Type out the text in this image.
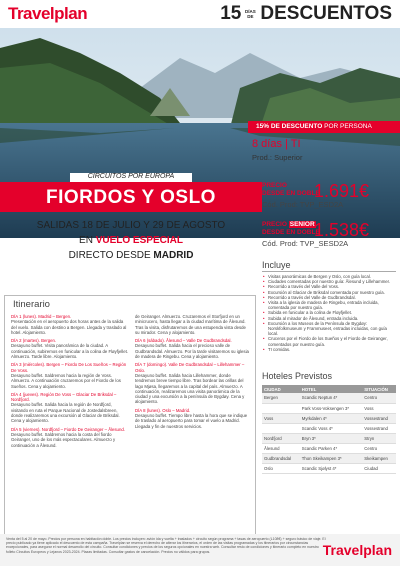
Travelplan	15 DÍAS
DE DESCUENTOS
15% DE DESCUENTO POR PERSONA
8 días | TI
Prod.: Superior
CIRCUITOS POR EUROPA
FIORDOS Y OSLO
SALIDAS 18 DE JULIO Y 29 DE AGOSTO
EN VUELO ESPECIAL
DIRECTO DESDE MADRID
PRECIO
DESDE EN DOBLE
1.691€
Cód. Prod: TVP_ESD2A
PRECIO SENIOR
DESDE EN DOBLE
1.538€
Cód. Prod: TVP_SESD2A
Itinerario

DÍA 1 (lunes). Madrid – Bergen.
Presentación en el aeropuerto dos horas antes de la salida del vuelo. Salida con destino a Bergen. Llegada y traslado al hotel. Alojamiento.

DÍA 2 (martes). Bergen.
Desayuno buffet. Visita panorámica de la ciudad. A continuación, subiremos en funicular a la colina de Fløyfjellet. Almuerzo. Tarde libre. Alojamiento.

DÍA 3 (miércoles). Bergen – Fiordo De Los Sueños – Región De Voss.
Desayuno buffet. Saldremos hacia la región de Voss. Almuerzo. A continuación cruzaremos por el Fiordo de los Sueños. Cena y alojamiento.

DÍA 4 (jueves). Región De Voss – Glaciar De Briksdal – Nordfjord.
Desayuno buffet. Salida hacia la región de Nordfjord, visitando en ruta el Parque Nacional de Jostedalsbreen, donde realizaremos una excursión al Glaciar de Briksdal. Cena y alojamiento.

DÍA 5 (viernes). Nordfjord – Fiordo De Geiranger – Ålesund.
Desayuno buffet. Saldremos hacia la costa del fiordo Geiranger, uno de los más espectaculares. Almuerzo y continuación a Ålesund.

de Geiranger. Almuerzo. Cruzaremos el Storfjord en un minicrucero, hasta llegar a la ciudad marítima de Ålesund. Tras la visita, disfrutaremos de una estupenda vista desde su mirador. Cena y alojamiento.

DÍA 6 (sábado). Ålesund – Valle De Gudbrandsdal.
Desayuno buffet. Salida hacia el precioso valle de Gudbrandsdal. Almuerzo. Por la tarde visitaremos su iglesia de madera de Ringebu. Cena y alojamiento.

DÍA 7 (domingo). Valle De Gudbrandsdal – Lillehammer – Oslo.
Desayuno buffet. Salida hacia Lillehammer, donde tendremos breve tiempo libre. Tras bordear las orillas del lago Mjøsa, llegaremos a la capital del país. Almuerzo. A continuación, realizaremos una visita panorámica de la ciudad y una excursión a la península de Bygdøy. Cena y alojamiento.

DÍA 8 (lunes). Oslo – Madrid.
Desayuno buffet. Tiempo libre hasta la hora que se indique de traslado al aeropuerto para tomar el vuelo a Madrid. Llegada y fin de nuestros servicios.

Incluye
• Visitas panorámicas de Bergen y Oslo, con guía local.
• Ciudades comentadas por nuestro guía: Ålesund y Lillehammer.
• Recorrido a través del Valle del Voss.
• Excursión al Glaciar de Briksdal comentada por nuestro guía.
• Recorrido a través del Valle de Gudbrandsdal.
• Visita a la iglesia de madera de Ringebu, entrada incluida, comentada por nuestro guía.
• Subida en funicular a la colina de Fløyfjellet.
• Subida al mirador de Ålesund, entrada incluida.
• Excursión a los Museos de la Península de Bygdøy: Norskfolkmuseum y Frammuseet, entradas incluidas, con guía local.
• Cruceros por el Fiordo de los Sueños y el Fiordo de Geiranger, comentados por nuestro guía.
• TI comidas.
Hoteles Previstos
CIUDAD	HOTEL	SITUACIÓN
Bergen	Scandic Neptun 4*	Centro
	Park Voss-Voksengen 3*	Voss
Voss	Myrkdalen 4*	Vossestrand
	Scandic Voss 4*	Vossestrand
Nordfjord	Bryn 3*	Stryn
Ålesund	Scandic Parken 4*	Centro
Gudbrandsdal	Thon Skeikampen 3*	Skeikampen
Oslo	Scandic Sjølyst 4*	Ciudad
Venta del 5 al 20 de mayo. Precios por persona en habitación doble. Los precios incluyen: avión ida y vuelta + traslados + circuito según programa + tasas de aeropuerto (L108€) + seguro básico de viaje. El precio publicado ya tiene aplicado el descuento de esta campaña. Travelplan se reserva el derecho de alterar los itinerarios, el orden de las visitas programadas y los itinerarios por circunstancias excepcionales, para asegurar el normal desarrollo del circuito. Consultar condiciones y precios de los seguros opcionales en nuestra web. Consultar resto de condiciones y itinerario completo en nuestro folleto Circuitos Europeos y Lejanos 2023-2024. Plazas limitadas. Consultar gastos de cancelación. Precios no válidos para grupos.	Travelplan
